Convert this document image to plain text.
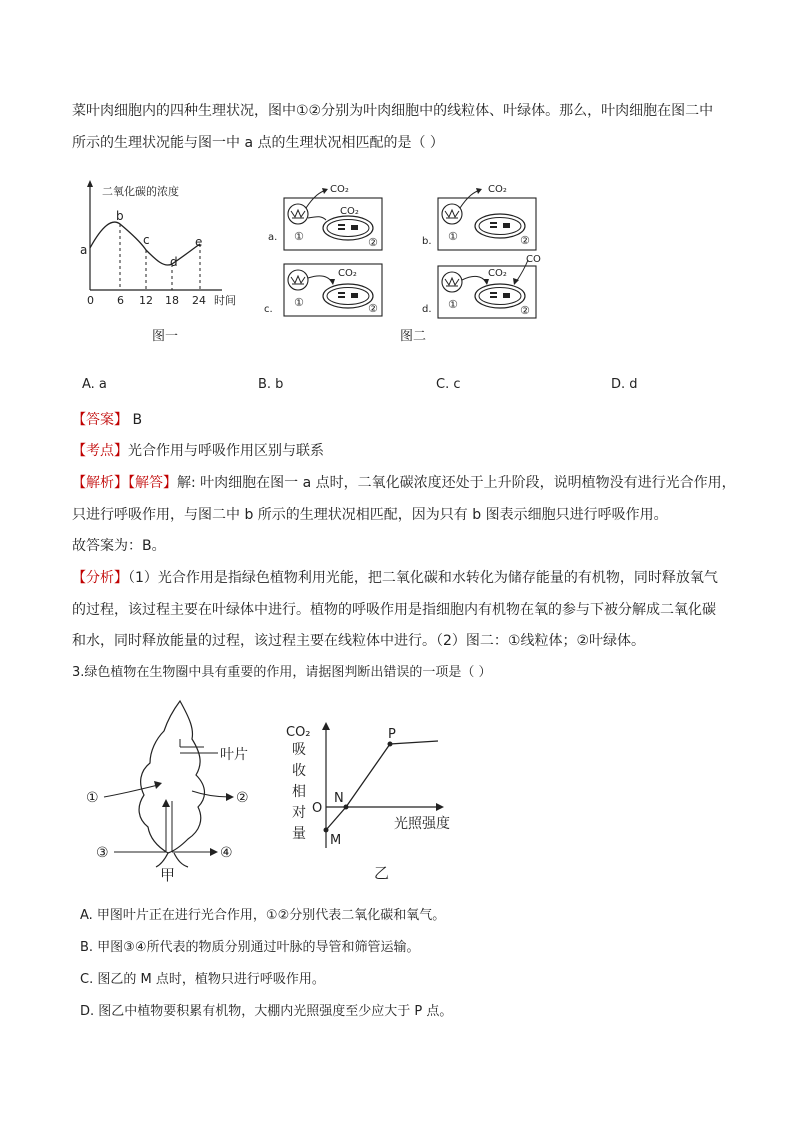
菜叶肉细胞内的四种生理状况，图中①②分别为叶肉细胞中的线粒体、叶绿体。那么，叶肉细胞在图二中
所示的生理状况能与图一中 a 点的生理状况相匹配的是（ ）
二氧化碳的浓度
a
b
c
d
e
0 6 12 18 24 时间
图一
CO₂
CO₂
①	②
a.
CO₂
①	②
b.
CO₂
①	②
c.
CO₂
CO
①	②
d.
图二
A. a	B. b	C. c	D. d
【答案】 B
【考点】光合作用与呼吸作用区别与联系
【解析】【解答】解: 叶肉细胞在图一 a 点时，二氧化碳浓度还处于上升阶段，说明植物没有进行光合作用，
只进行呼吸作用，与图二中 b 所示的生理状况相匹配，因为只有 b 图表示细胞只进行呼吸作用。
故答案为：B。
【分析】（1）光合作用是指绿色植物利用光能，把二氧化碳和水转化为储存能量的有机物，同时释放氧气
的过程，该过程主要在叶绿体中进行。植物的呼吸作用是指细胞内有机物在氧的参与下被分解成二氧化碳
和水，同时释放能量的过程，该过程主要在线粒体中进行。（2）图二：①线粒体；②叶绿体。
3.绿色植物在生物圈中具有重要的作用，请据图判断出错误的一项是（ ）
叶片
①	②
③	④
甲
CO₂
吸
收
相
对
量
O
光照强度
N
M
P
乙
A. 甲图叶片正在进行光合作用，①②分别代表二氧化碳和氧气。
B. 甲图③④所代表的物质分别通过叶脉的导管和筛管运输。
C. 图乙的 M 点时，植物只进行呼吸作用。
D. 图乙中植物要积累有机物，大棚内光照强度至少应大于 P 点。
